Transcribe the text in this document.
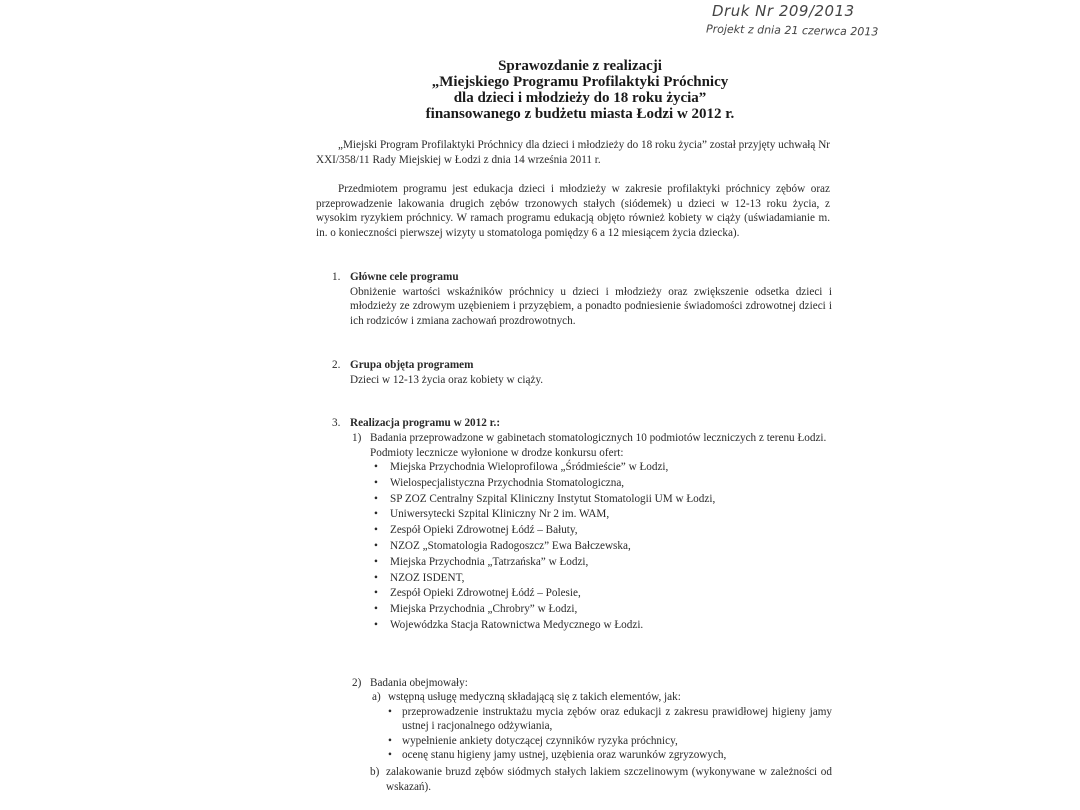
Druk Nr 209/2013
Projekt z dnia 21 czerwca 2013
Sprawozdanie z realizacji
„Miejskiego Programu Profilaktyki Próchnicy
dla dzieci i młodzieży do 18 roku życia”
finansowanego z budżetu miasta Łodzi w 2012 r.
„Miejski Program Profilaktyki Próchnicy dla dzieci i młodzieży do 18 roku życia” został przyjęty uchwałą Nr XXI/358/11 Rady Miejskiej w Łodzi z dnia 14 września 2011 r.
Przedmiotem programu jest edukacja dzieci i młodzieży w zakresie profilaktyki próchnicy zębów oraz przeprowadzenie lakowania drugich zębów trzonowych stałych (siódemek) u dzieci w 12-13 roku życia, z wysokim ryzykiem próchnicy. W ramach programu edukacją objęto również kobiety w ciąży (uświadamianie m. in. o konieczności pierwszej wizyty u stomatologa pomiędzy 6 a 12 miesiącem życia dziecka).
1. Główne cele programu
Obniżenie wartości wskaźników próchnicy u dzieci i młodzieży oraz zwiększenie odsetka dzieci i młodzieży ze zdrowym uzębieniem i przyzębiem, a ponadto podniesienie świadomości zdrowotnej dzieci i ich rodziców i zmiana zachowań prozdrowotnych.
2. Grupa objęta programem
Dzieci w 12-13 życia oraz kobiety w ciąży.
3. Realizacja programu w 2012 r.:
1) Badania przeprowadzone w gabinetach stomatologicznych 10 podmiotów leczniczych z terenu Łodzi.
Podmioty lecznicze wyłonione w drodze konkursu ofert:
• Miejska Przychodnia Wieloprofilowa „Śródmieście” w Łodzi,
• Wielospecjalistyczna Przychodnia Stomatologiczna,
• SP ZOZ Centralny Szpital Kliniczny Instytut Stomatologii UM w Łodzi,
• Uniwersytecki Szpital Kliniczny Nr 2 im. WAM,
• Zespół Opieki Zdrowotnej Łódź – Bałuty,
• NZOZ „Stomatologia Radogoszcz” Ewa Bałczewska,
• Miejska Przychodnia „Tatrzańska” w Łodzi,
• NZOZ ISDENT,
• Zespół Opieki Zdrowotnej Łódź – Polesie,
• Miejska Przychodnia „Chrobry” w Łodzi,
• Wojewódzka Stacja Ratownictwa Medycznego w Łodzi.
2) Badania obejmowały:
a) wstępną usługę medyczną składającą się z takich elementów, jak:
• przeprowadzenie instruktażu mycia zębów oraz edukacji z zakresu prawidłowej higieny jamy ustnej i racjonalnego odżywiania,
• wypełnienie ankiety dotyczącej czynników ryzyka próchnicy,
• ocenę stanu higieny jamy ustnej, uzębienia oraz warunków zgryzowych,
b) zalakowanie bruzd zębów siódmych stałych lakiem szczelinowym (wykonywane w zależności od wskazań).
